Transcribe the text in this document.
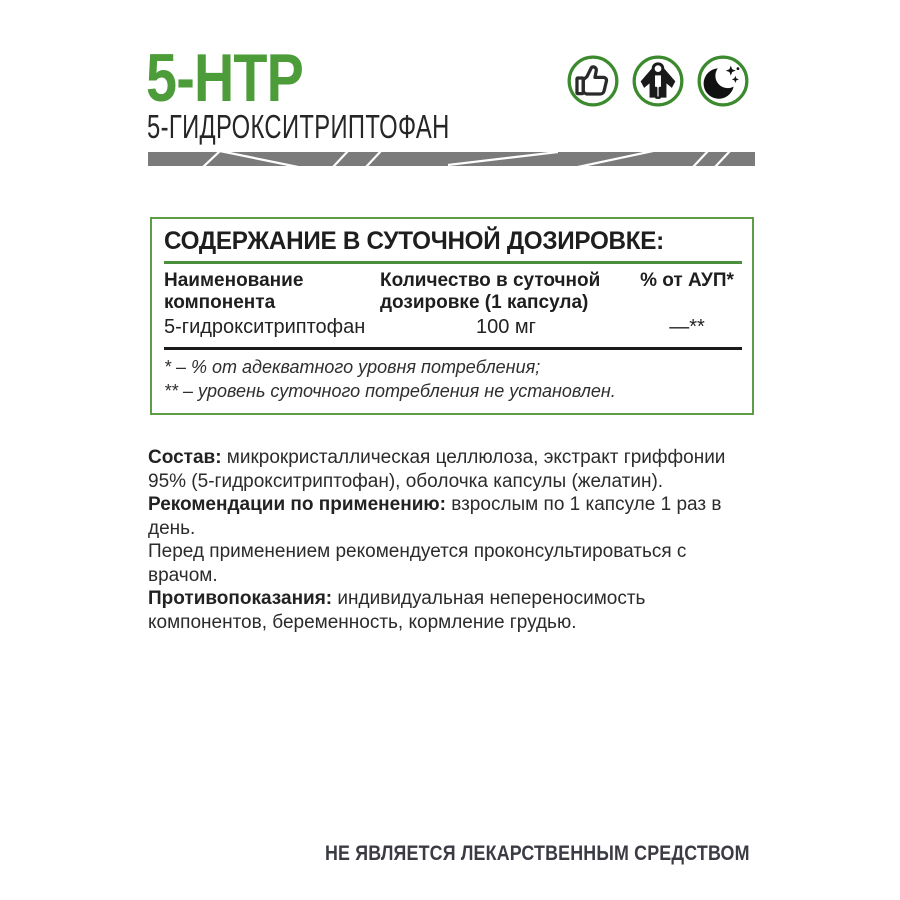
5-HTP
5-ГИДРОКСИТРИПТОФАН
СОДЕРЖАНИЕ В СУТОЧНОЙ ДОЗИРОВКЕ:
Наименование компонента
Количество в суточной дозировке (1 капсула)
% от АУП*
5-гидрокситриптофан	100 мг	—**
* – % от адекватного уровня потребления;
** – уровень суточного потребления не установлен.

Состав: микрокристаллическая целлюлоза, экстракт гриффонии 95% (5-гидрокситриптофан), оболочка капсулы (желатин).

Рекомендации по применению: взрослым по 1 капсуле 1 раз в день.

Перед применением рекомендуется проконсультироваться с врачом.

Противопоказания: индивидуальная непереносимость компонентов, беременность, кормление грудью.

НЕ ЯВЛЯЕТСЯ ЛЕКАРСТВЕННЫМ СРЕДСТВОМ
